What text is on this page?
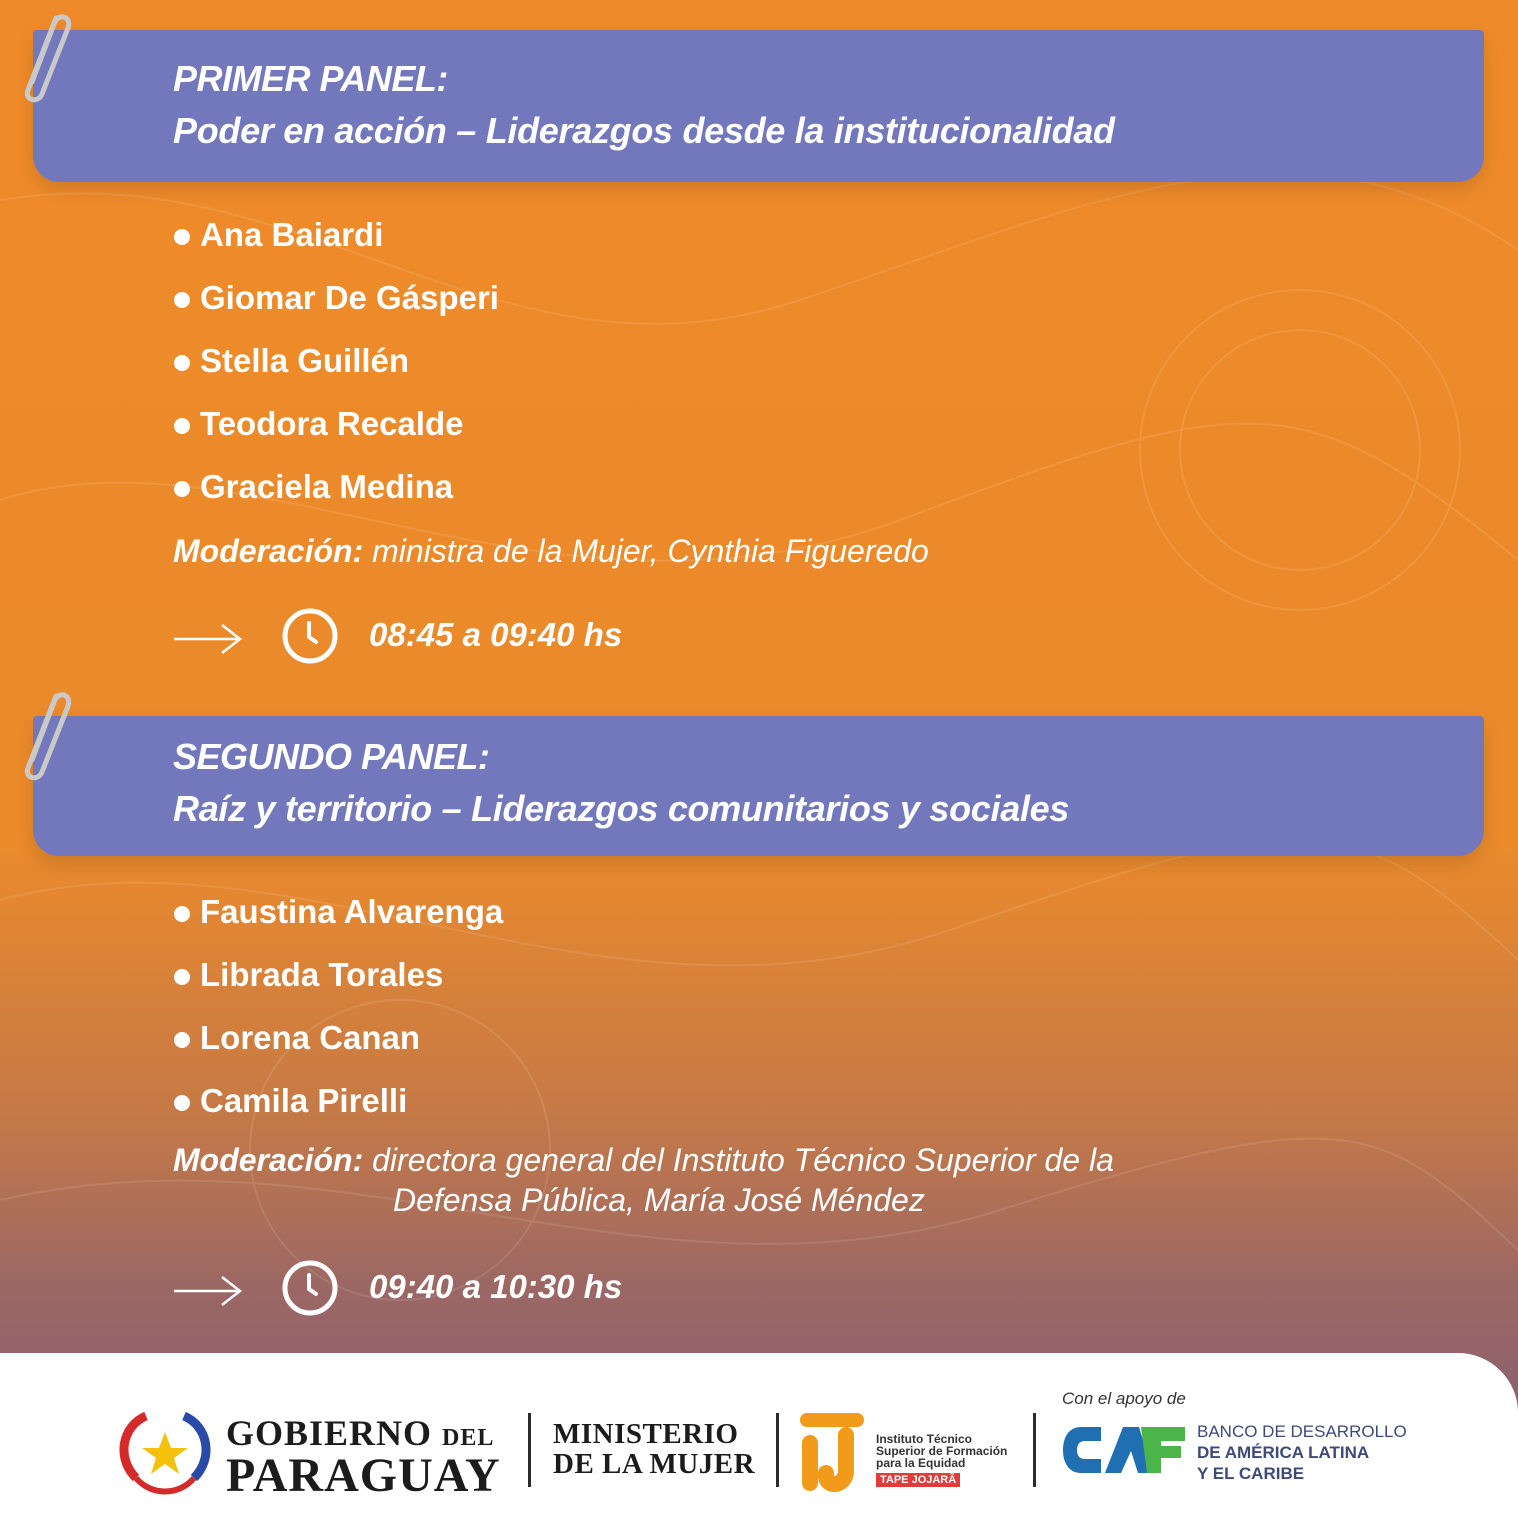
PRIMER PANEL:
Poder en acción – Liderazgos desde la institucionalidad
Ana Baiardi
Giomar De Gásperi
Stella Guillén
Teodora Recalde
Graciela Medina
Moderación: ministra de la Mujer, Cynthia Figueredo
08:45 a 09:40 hs
SEGUNDO PANEL:
Raíz y territorio – Liderazgos comunitarios y sociales
Faustina Alvarenga
Librada Torales
Lorena Canan
Camila Pirelli
Moderación: directora general del Instituto Técnico Superior de la
Defensa Pública, María José Méndez
09:40 a 10:30 hs
GOBIERNO DEL
PARAGUAY
MINISTERIO
DE LA MUJER
Instituto Técnico
Superior de Formación
para la Equidad
TAPE JOJARÃ
Con el apoyo de
BANCO DE DESARROLLO
DE AMÉRICA LATINA
Y EL CARIBE
